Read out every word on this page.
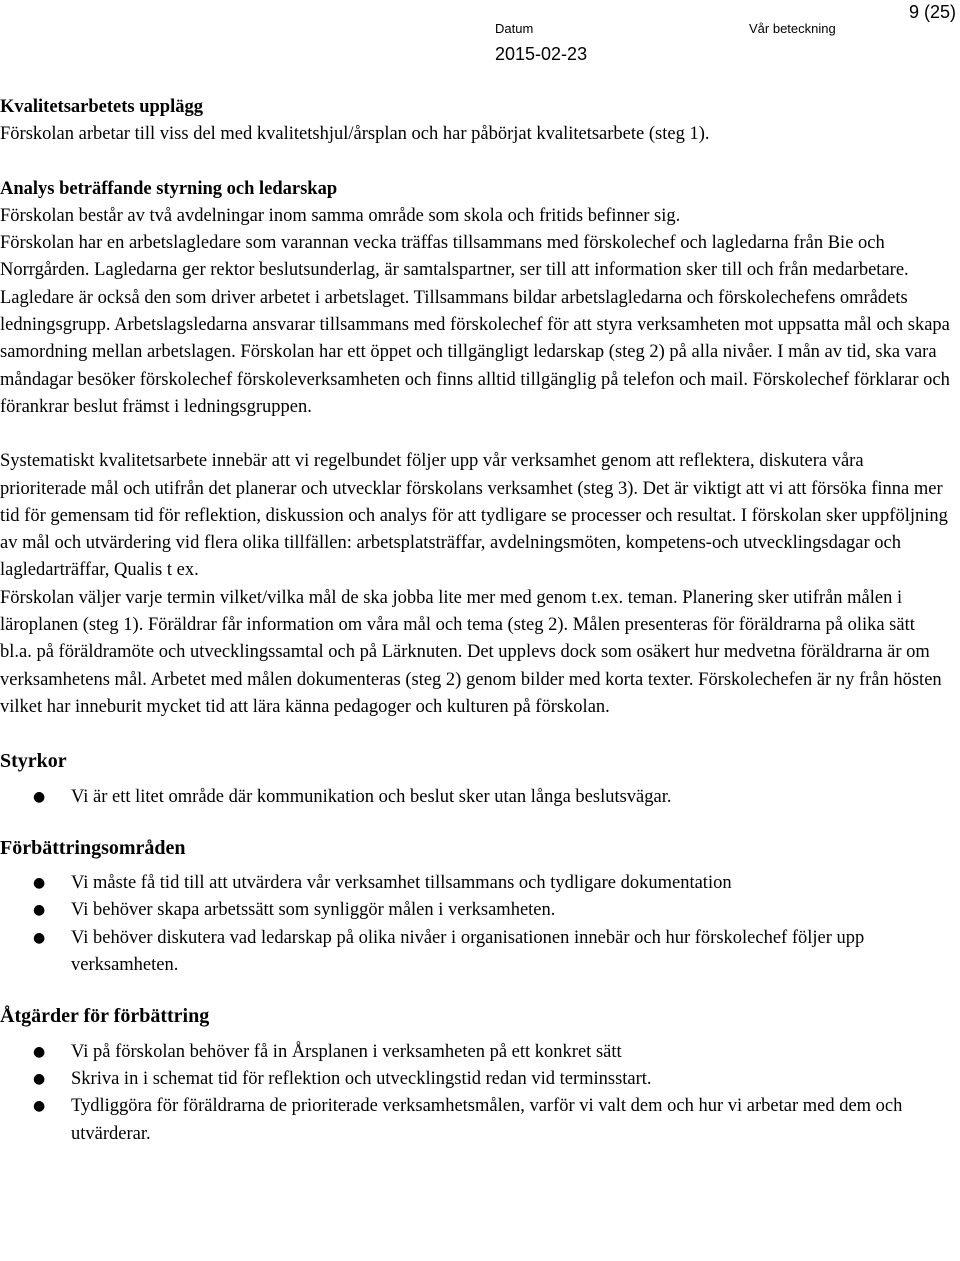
9 (25)
Datum	Vår beteckning
2015-02-23

Kvalitetsarbetets upplägg

Förskolan arbetar till viss del med kvalitetshjul/årsplan och har påbörjat kvalitetsarbete (steg 1).

Analys beträffande styrning och ledarskap

Förskolan består av två avdelningar inom samma område som skola och fritids befinner sig.

Förskolan har en arbetslagledare som varannan vecka träffas tillsammans med förskolechef och lagledarna från Bie och Norrgården. Lagledarna ger rektor beslutsunderlag, är samtalspartner, ser till att information sker till och från medarbetare. Lagledare är också den som driver arbetet i arbetslaget. Tillsammans bildar arbetslagledarna och förskolechefens områdets ledningsgrupp. Arbetslagsledarna ansvarar tillsammans med förskolechef för att styra verksamheten mot uppsatta mål och skapa samordning mellan arbetslagen. Förskolan har ett öppet och tillgängligt ledarskap (steg 2) på alla nivåer. I mån av tid, ska vara måndagar besöker förskolechef förskoleverksamheten och finns alltid tillgänglig på telefon och mail. Förskolechef förklarar och förankrar beslut främst i ledningsgruppen.

Systematiskt kvalitetsarbete innebär att vi regelbundet följer upp vår verksamhet genom att reflektera, diskutera våra prioriterade mål och utifrån det planerar och utvecklar förskolans verksamhet (steg 3). Det är viktigt att vi att försöka finna mer tid för gemensam tid för reflektion, diskussion och analys för att tydligare se processer och resultat. I förskolan sker uppföljning av mål och utvärdering vid flera olika tillfällen: arbetsplatsträffar, avdelningsmöten, kompetens-och utvecklingsdagar och lagledarträffar, Qualis t ex.

Förskolan väljer varje termin vilket/vilka mål de ska jobba lite mer med genom t.ex. teman. Planering sker utifrån målen i läroplanen (steg 1). Föräldrar får information om våra mål och tema (steg 2). Målen presenteras för föräldrarna på olika sätt bl.a. på föräldramöte och utvecklingssamtal och på Lärknuten. Det upplevs dock som osäkert hur medvetna föräldrarna är om verksamhetens mål. Arbetet med målen dokumenteras (steg 2) genom bilder med korta texter. Förskolechefen är ny från hösten vilket har inneburit mycket tid att lära känna pedagoger och kulturen på förskolan.

Styrkor

● Vi är ett litet område där kommunikation och beslut sker utan långa beslutsvägar.

Förbättringsområden

● Vi måste få tid till att utvärdera vår verksamhet tillsammans och tydligare dokumentation
● Vi behöver skapa arbetssätt som synliggör målen i verksamheten.
● Vi behöver diskutera vad ledarskap på olika nivåer i organisationen innebär och hur förskolechef följer upp verksamheten.

Åtgärder för förbättring

● Vi på förskolan behöver få in Årsplanen i verksamheten på ett konkret sätt
● Skriva in i schemat tid för reflektion och utvecklingstid redan vid terminsstart.
● Tydliggöra för föräldrarna de prioriterade verksamhetsmålen, varför vi valt dem och hur vi arbetar med dem och utvärderar.
